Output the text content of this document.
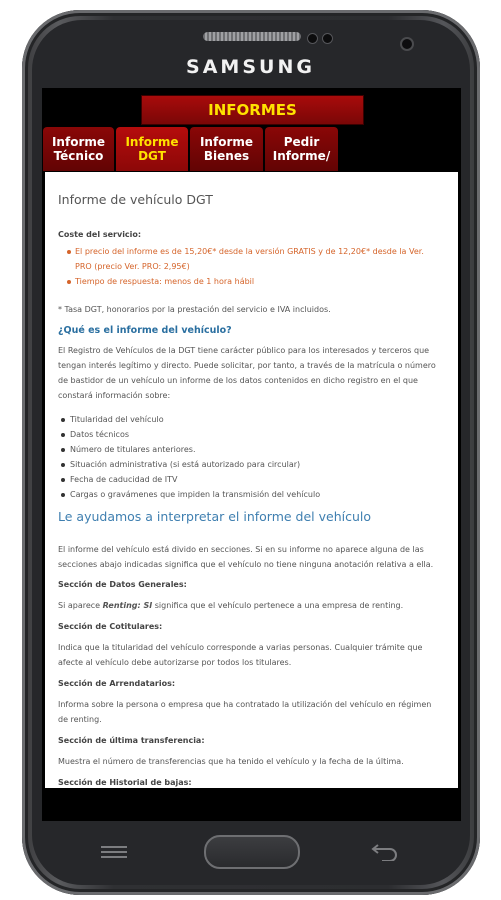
SAMSUNG
INFORMES
Informe
Técnico
Informe
DGT
Informe
Bienes
Pedir
Informe/
Informe de vehículo DGT
Coste del servicio:
El precio del informe es de 15,20€* desde la versión GRATIS y de 12,20€* desde la Ver. PRO (precio Ver. PRO: 2,95€)
Tiempo de respuesta: menos de 1 hora hábil
* Tasa DGT, honorarios por la prestación del servicio e IVA incluidos.
¿Qué es el informe del vehículo?
El Registro de Vehículos de la DGT tiene carácter público para los interesados y terceros que tengan interés legítimo y directo. Puede solicitar, por tanto, a través de la matrícula o número de bastidor de un vehículo un informe de los datos contenidos en dicho registro en el que constará información sobre:
Titularidad del vehículo
Datos técnicos
Número de titulares anteriores.
Situación administrativa (si está autorizado para circular)
Fecha de caducidad de ITV
Cargas o gravámenes que impiden la transmisión del vehículo
Le ayudamos a interpretar el informe del vehículo
El informe del vehículo está divido en secciones. Si en su informe no aparece alguna de las secciones abajo indicadas significa que el vehículo no tiene ninguna anotación relativa a ella.
Sección de Datos Generales:
Si aparece Renting: SI significa que el vehículo pertenece a una empresa de renting.
Sección de Cotitulares:
Indica que la titularidad del vehículo corresponde a varias personas. Cualquier trámite que afecte al vehículo debe autorizarse por todos los titulares.
Sección de Arrendatarios:
Informa sobre la persona o empresa que ha contratado la utilización del vehículo en régimen de renting.
Sección de última transferencia:
Muestra el número de transferencias que ha tenido el vehículo y la fecha de la última.
Sección de Historial de bajas:
